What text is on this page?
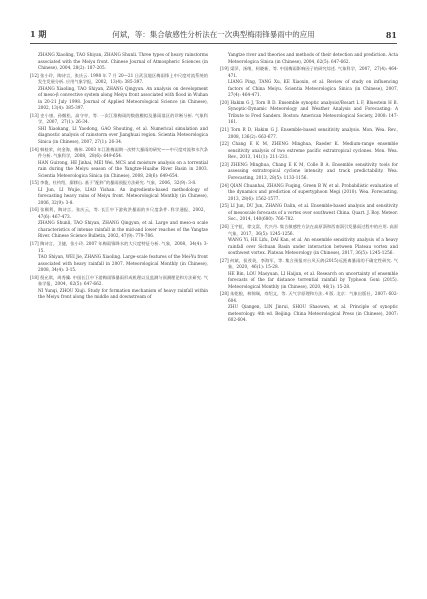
1 期	何斌，等：集合敏感性分析法在一次典型梅雨锋暴雨中的应用	81

ZHANG Xiaoling, TAO Shiyan, ZHANG Shunli. Three types of heavy rainstorms associated with the Meiyu front. Chinese Journal of Atmospheric Sciences (in Chinese), 2004, 28(2): 187-205.

[12] 张小玲，陶诗言，张庆云. 1998 年 7 月 20—21 日武汉地区梅雨锋上中尺度对流系统的发生发展分析. 应用气象学报，2002，13(4): 385-397.
ZHANG Xiaoling, TAO Shiyan, ZHANG Qingyun. An analysis on development of meso-β convective system along Meiyu front associated with flood in Wuhan in 20-21 July 1998. Journal of Applied Meteorological Science (in Chinese), 2002, 13(4): 385-397.

[13] 史小康，孙继松，高守亭，等. 一次江淮梅雨的数值模拟及暴雨落区的诊断分析. 气象科学，2007，27(1): 26-34.
SHI Xiaokang, LI Yaodong, GAO Shouting, et al. Numerical simulation and diagnostic analysis of rainstorm over Jianghuai region. Scientia Meteorologica Sinica (in Chinese), 2007, 27(1): 26-34.

[14] 韩桂荣，何金海，梅伟. 2003 年江淮梅雨期一次特大暴雨的研究——中尺度对流和水汽条件分析. 气象科学，2008，28(6): 649-654.
HAN Guirong, HE Jinhai, MEI Wei. MCS and moisture analysis on a torrential rain during the Meiyu season of the Yangtze-Huaihe River Basin in 2003. Scientia Meteorologica Sinica (in Chinese), 2008, 28(6): 649-654.

[15] 李俊，杜钧绍，廖移山. 基于“配料”的暴雨预报方法研究. 气象，2006，32(9): 3-8.
LI Jun, LI Wujie, LIAO Yishan. An ingredients-based methodology of forecasting heavy rains of Meiyu front. Meteorological Monthly (in Chinese), 2006, 32(9): 3-8.

[16] 张顺利，陶诗言，张庆云，等. 长江中下游致洪暴雨的多尺度条件. 科学通报，2002，47(6): 467-473.
ZHANG Shunli, TAO Shiyan, ZHANG Qingyun, et al. Large and meso-α scale characteristics of intense rainfall in the mid-and lower reaches of the Yangtze River. Chinese Science Bulletin, 2002, 47(9): 779-786.

[17] 陶诗言，卫捷，张小玲. 2007 年梅雨锋降水的大尺度特征分析. 气象，2008，34(4): 3-15.
TAO Shiyan, WEI Jie, ZHANG Xiaoling. Large-scale features of the Mei-Yu front associated with heavy rainfall in 2007. Meteorological Monthly (in Chinese), 2008, 34(4): 3-15.

[18] 倪允琪，周秀骥. 中国长江中下游梅雨锋暴雨形成机理以及监测与预测理论和方法研究. 气象学报，2004，62(5): 647-662.
NI Yunqi, ZHOU Xiuji. Study for formation mechanism of heavy rainfall within the Meiyu front along the middle and downstream of

Yangtze river and theories and methods of their detection and prediction. Acta Meteorologica Sinica (in Chinese), 2004, 62(5): 647-662.

[19] 梁萍，汤绪，柯晓新，等. 中国梅雨影响因子的研究综述. 气象科学，2007，27(4): 464-471.
LIANG Ping, TANG Xu, KE Xiaoxin, et al. Review of study on influencing factors of China Meiyu. Scientia Meteorologica Sinica (in Chinese), 2007, 27(4): 464-471.

[20] Hakim G J, Torn R D. Ensemble synoptic analysis//Bosart L F, Bluestein H B. Synoptic-Dynamic Meteorology and Weather Analysis and Forecasting: A Tribute to Fred Sanders. Boston: American Meteorological Society, 2008: 147-161.

[21] Torn R D, Hakim G J. Ensemble-based sensitivity analysis. Mon. Wea. Rev., 2008, 136(2): 663-677.

[22] Chang E K M, ZHENG Minghua, Raeder K. Medium-range ensemble sensitivity analysis of two extreme pacific extratropical cyclones. Mon. Wea. Rev., 2013, 141(1): 211-231.

[23] ZHENG Minghua, Chang E K M, Colle B A. Ensemble sensitivity tools for assessing extratropical cyclone intensity and track predictability. Wea. Forecasting, 2013, 28(5): 1133-1156.

[24] QIAN Chuanhai, ZHANG Fuqing, Green B W, et al. Probabilistic evaluation of the dynamics and prediction of supertyphoon Megi (2010). Wea. Forecasting, 2013, 28(6): 1562-1577.

[25] LI Jun, DU Jun, ZHANG Dalin, et al. Ensemble-based analysis and sensitivity of mesoscale forecasts of a vortex over southwest China. Quart. J. Roy. Meteor. Soc., 2014, 140(680): 766-782.

[26] 王宇虹，徐文富，代兴丹. 集合敏感性方法在高原涡和西南涡引发暴雨过程中的应用. 高原气象，2017，36(5): 1245-1256.
WANG Yi, HE Lifu, DAI Kan, et al. An ensemble sensitivity analysis of a heavy rainfall over Sichuan Basin under interaction between Plateau vortex and southwest vortex. Plateau Meteorology (in Chinese), 2017, 36(5): 1245-1256.

[27] 何斌，侯茂英，李海军，等. 集合预报对台风天鸽(2015)远距离暴雨的不确定性研究. 气象，2020，46(1): 15-28.
HE Bin, LOU Maoyuan, LI Haijun, et al. Research on uncertainty of ensemble forecasts of the far distance torrential rainfall by Typhoon Goni (2015). Meteorological Monthly (in Chinese), 2020, 46(1): 15-28.

[28] 朱乾根，林锦瑞，寿绍文，等. 天气学原理和方法. 4 版. 北京：气象出版社，2007: 602-604.
ZHU Qiangen, LIN Jinrui, SHOU Shaowen, et al. Principle of synoptic meteorology. 4th ed. Beijing: China Meteorological Press (in Chinese), 2007: 602-604.
